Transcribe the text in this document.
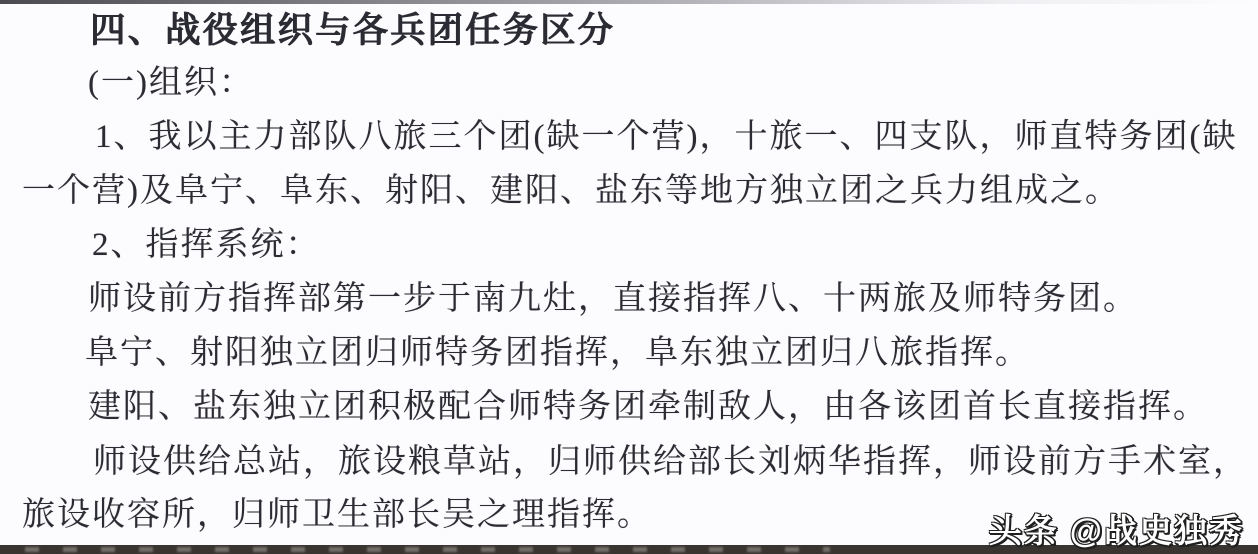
四、战役组织与各兵团任务区分
(一)组织：
1、我以主力部队八旅三个团(缺一个营)，十旅一、四支队，师直特务团(缺
一个营)及阜宁、阜东、射阳、建阳、盐东等地方独立团之兵力组成之。
2、指挥系统：
师设前方指挥部第一步于南九灶，直接指挥八、十两旅及师特务团。
阜宁、射阳独立团归师特务团指挥，阜东独立团归八旅指挥。
建阳、盐东独立团积极配合师特务团牵制敌人，由各该团首长直接指挥。
师设供给总站，旅设粮草站，归师供给部长刘炳华指挥，师设前方手术室，
旅设收容所，归师卫生部长吴之理指挥。	头条 @战史独秀
